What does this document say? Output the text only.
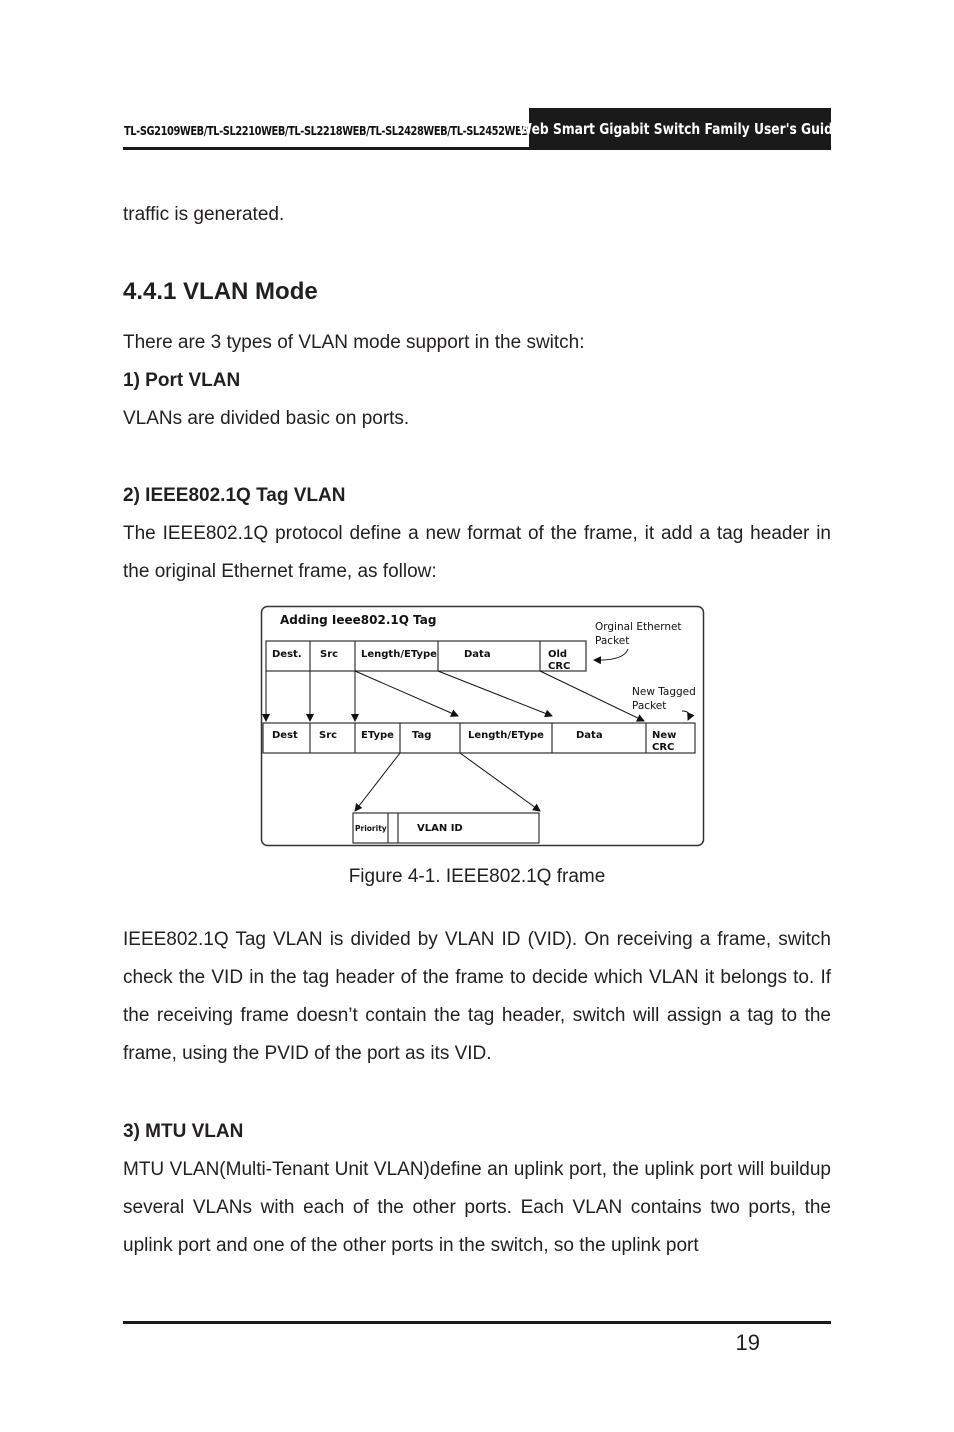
TL-SG2109WEB/TL-SL2210WEB/TL-SL2218WEB/TL-SL2428WEB/TL-SL2452WEB
Web Smart Gigabit Switch Family User's Guide
traffic is generated.
4.4.1 VLAN Mode
There are 3 types of VLAN mode support in the switch:
1) Port VLAN
VLANs are divided basic on ports.
2) IEEE802.1Q Tag VLAN
The IEEE802.1Q protocol define a new format of the frame, it add a tag header in the original Ethernet frame, as follow:
Adding Ieee802.1Q Tag
Dest. Src Length/EType	Data	Old
CRC
Orginal Ethernet
Packet
New Tagged
Packet
Dest Src EType Tag	Length/EType	Data	New
CRC
Priority	VLAN ID
Figure 4-1. IEEE802.1Q frame
IEEE802.1Q Tag VLAN is divided by VLAN ID (VID). On receiving a frame, switch check the VID in the tag header of the frame to decide which VLAN it belongs to. If the receiving frame doesn’t contain the tag header, switch will assign a tag to the frame, using the PVID of the port as its VID.
3) MTU VLAN
MTU VLAN(Multi-Tenant Unit VLAN)define an uplink port, the uplink port will buildup several VLANs with each of the other ports. Each VLAN contains two ports, the uplink port and one of the other ports in the switch, so the uplink port
19
